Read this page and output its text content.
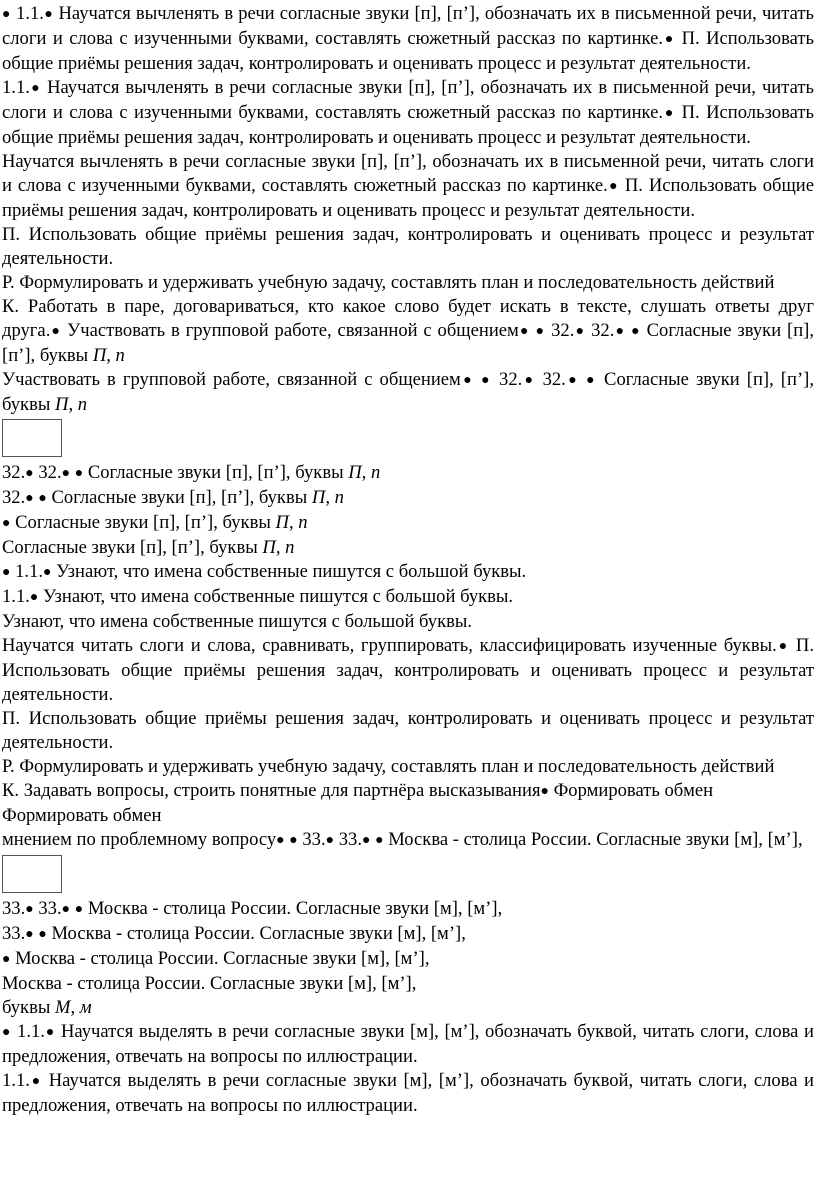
● 1.1.● Научатся вычленять в речи согласные звуки [п], [п’], обозначать их в письменной речи, читать слоги и слова с изученными буквами, составлять сюжетный рассказ по картинке.● П. Использовать общие приёмы решения задач, контролировать и оценивать процесс и результат деятельности.

1.1.● Научатся вычленять в речи согласные звуки [п], [п’], обозначать их в письменной речи, читать слоги и слова с изученными буквами, составлять сюжетный рассказ по картинке.● П. Использовать общие приёмы решения задач, контролировать и оценивать процесс и результат деятельности.

Научатся вычленять в речи согласные звуки [п], [п’], обозначать их в письменной речи, читать слоги и слова с изученными буквами, составлять сюжетный рассказ по картинке.● П. Использовать общие приёмы решения задач, контролировать и оценивать процесс и результат деятельности.

П. Использовать общие приёмы решения задач, контролировать и оценивать процесс и результат деятельности.

Р. Формулировать и удерживать учебную задачу, составлять план и последовательность действий

К. Работать в паре, договариваться, кто какое слово будет искать в тексте, слушать ответы друг друга.● Участвовать в групповой работе, связанной с общением● ● 32.● 32.● ● Согласные звуки [п], [п’], буквы П, п

Участвовать в групповой работе, связанной с общением● ● 32.● 32.● ● Согласные звуки [п], [п’], буквы П, п

32.● 32.● ● Согласные звуки [п], [п’], буквы П, п

32.● ● Согласные звуки [п], [п’], буквы П, п

● Согласные звуки [п], [п’], буквы П, п

Согласные звуки [п], [п’], буквы П, п

● 1.1.● Узнают, что имена собственные пишутся с большой буквы.

1.1.● Узнают, что имена собственные пишутся с большой буквы.

Узнают, что имена собственные пишутся с большой буквы.

Научатся читать слоги и слова, сравнивать, группировать, классифицировать изученные буквы.● П. Использовать общие приёмы решения задач, контролировать и оценивать процесс и результат деятельности.

П. Использовать общие приёмы решения задач, контролировать и оценивать процесс и результат деятельности.

Р. Формулировать и удерживать учебную задачу, составлять план и последовательность действий

К. Задавать вопросы, строить понятные для партнёра высказывания● Формировать обмен

Формировать обмен

мнением по проблемному вопросу● ● 33.● 33.● ● Москва - столица России. Согласные звуки [м], [м’],

33.● 33.● ● Москва - столица России. Согласные звуки [м], [м’],

33.● ● Москва - столица России. Согласные звуки [м], [м’],

● Москва - столица России. Согласные звуки [м], [м’],

Москва - столица России. Согласные звуки [м], [м’],

буквы М, м

● 1.1.● Научатся выделять в речи согласные звуки [м], [м’], обозначать буквой, читать слоги, слова и предложения, отвечать на вопросы по иллюстрации.

1.1.● Научатся выделять в речи согласные звуки [м], [м’], обозначать буквой, читать слоги, слова и предложения, отвечать на вопросы по иллюстрации.
